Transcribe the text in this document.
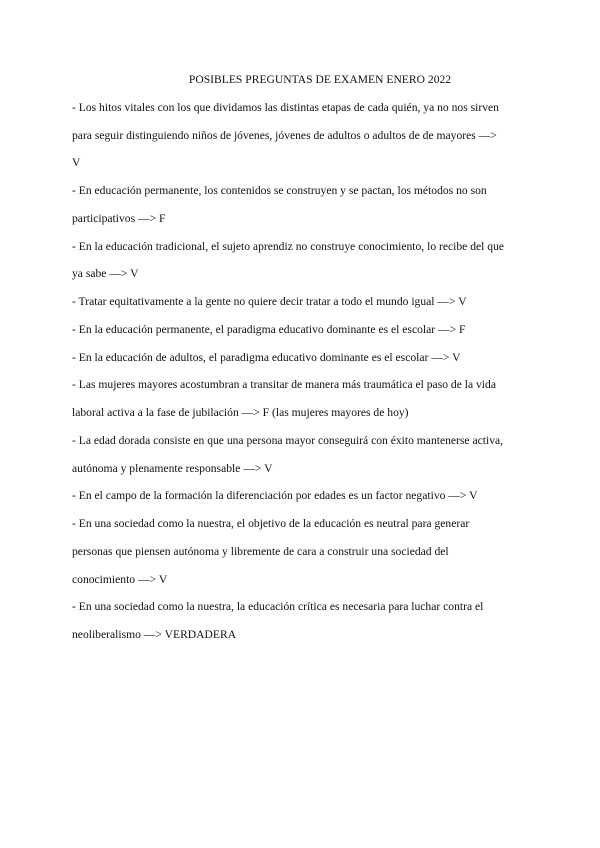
POSIBLES PREGUNTAS DE EXAMEN ENERO 2022
- Los hitos vitales con los que dividamos las distintas etapas de cada quién, ya no nos sirven
para seguir distinguiendo niños de jóvenes, jóvenes de adultos o adultos de de mayores —>
V
- En educación permanente, los contenidos se construyen y se pactan, los métodos no son
participativos —> F
- En la educación tradicional, el sujeto aprendiz no construye conocimiento, lo recibe del que
ya sabe —> V
- Tratar equitativamente a la gente no quiere decir tratar a todo el mundo igual —> V
- En la educación permanente, el paradigma educativo dominante es el escolar —> F
- En la educación de adultos, el paradigma educativo dominante es el escolar —> V
- Las mujeres mayores acostumbran a transitar de manera más traumática el paso de la vida
laboral activa a la fase de jubilación —> F (las mujeres mayores de hoy)
- La edad dorada consiste en que una persona mayor conseguirá con éxito mantenerse activa,
autónoma y plenamente responsable —> V
- En el campo de la formación la diferenciación por edades es un factor negativo —> V
- En una sociedad como la nuestra, el objetivo de la educación es neutral para generar
personas que piensen autónoma y libremente de cara a construir una sociedad del
conocimiento —> V
- En una sociedad como la nuestra, la educación crítica es necesaria para luchar contra el
neoliberalismo —> VERDADERA
